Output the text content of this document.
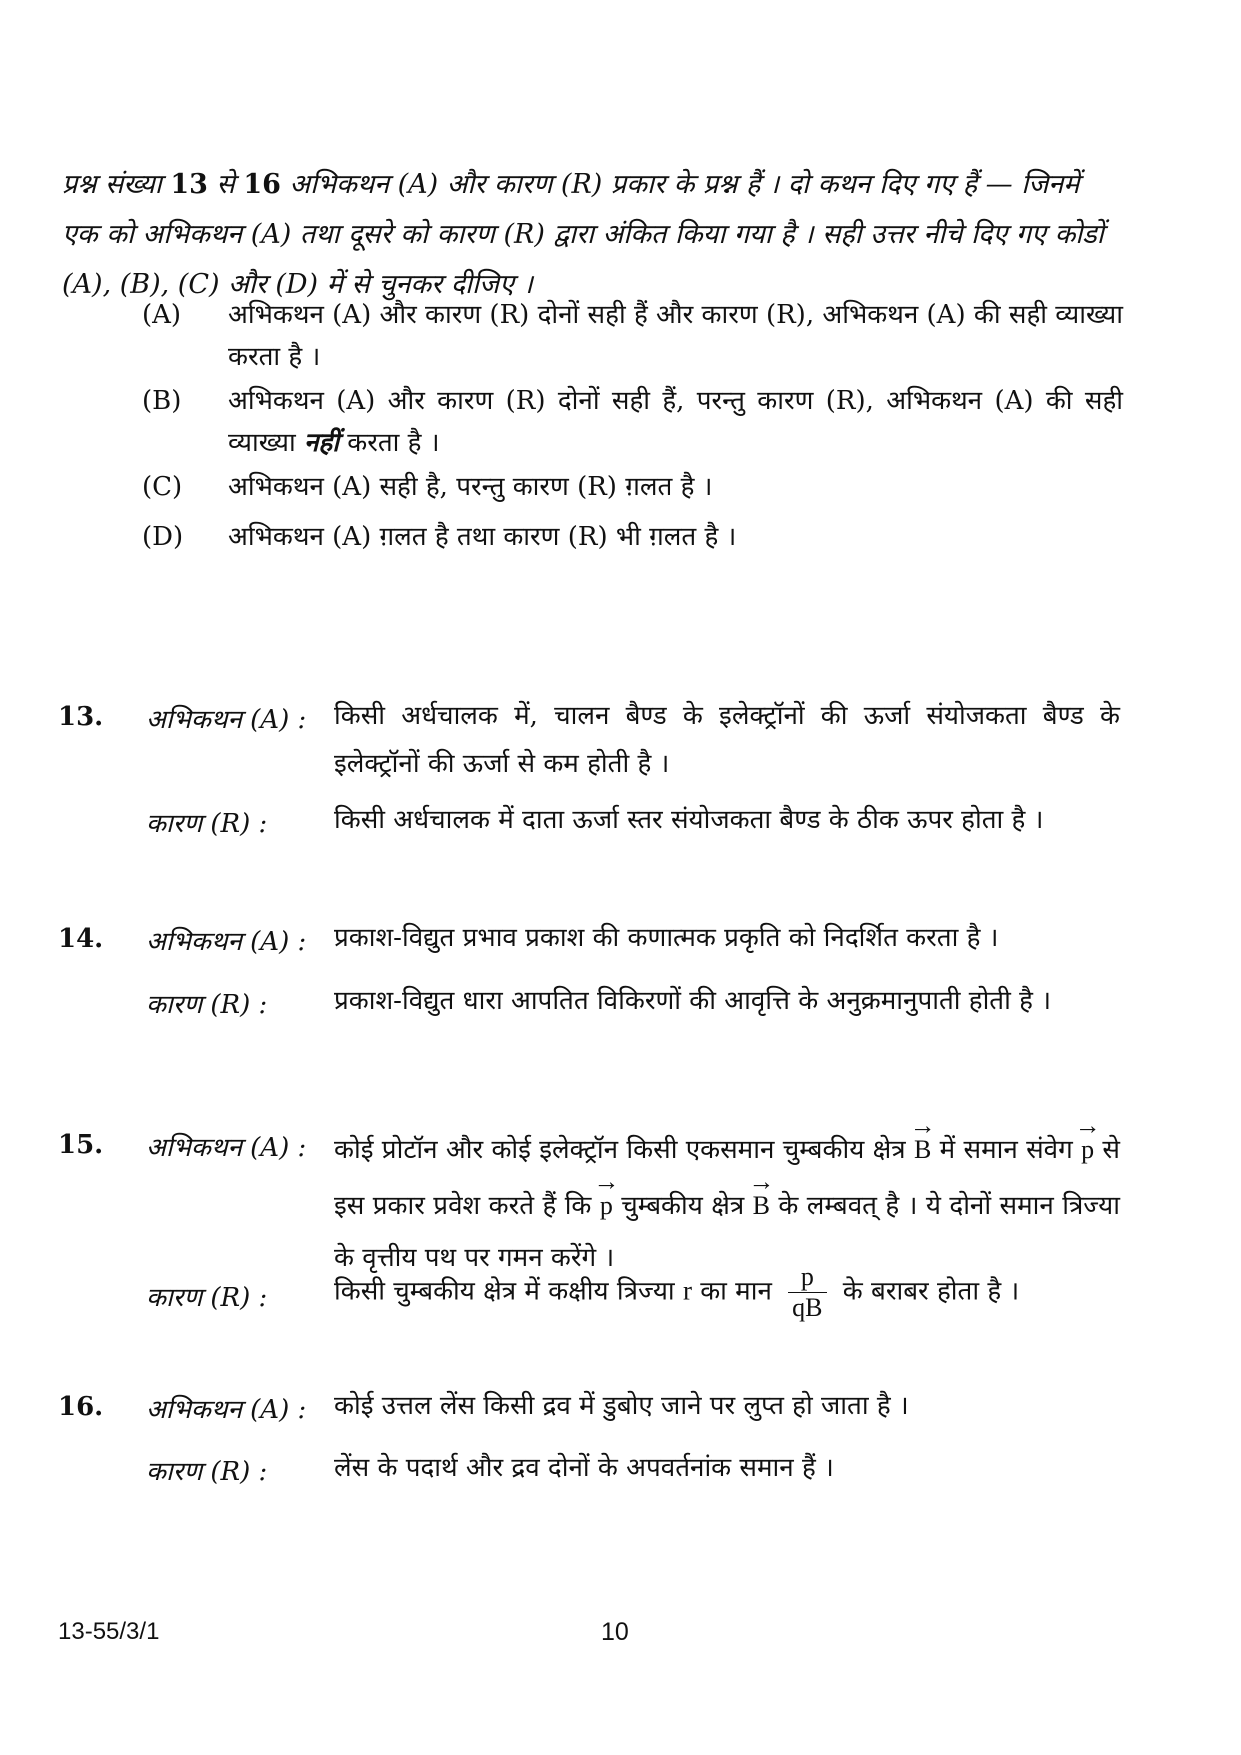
प्रश्न संख्या 13 से 16 अभिकथन (A) और कारण (R) प्रकार के प्रश्न हैं । दो कथन दिए गए हैं — जिनमें एक को अभिकथन (A) तथा दूसरे को कारण (R) द्वारा अंकित किया गया है । सही उत्तर नीचे दिए गए कोडों (A), (B), (C) और (D) में से चुनकर दीजिए ।
(A)	अभिकथन (A) और कारण (R) दोनों सही हैं और कारण (R), अभिकथन (A) की सही व्याख्या करता है ।
(B)	अभिकथन (A) और कारण (R) दोनों सही हैं, परन्तु कारण (R), अभिकथन (A) की सही व्याख्या नहीं करता है ।
(C)	अभिकथन (A) सही है, परन्तु कारण (R) ग़लत है ।
(D)	अभिकथन (A) ग़लत है तथा कारण (R) भी ग़लत है ।
13. अभिकथन (A) : किसी अर्धचालक में, चालन बैण्ड के इलेक्ट्रॉनों की ऊर्जा संयोजकता बैण्ड के इलेक्ट्रॉनों की ऊर्जा से कम होती है ।
कारण (R) :	किसी अर्धचालक में दाता ऊर्जा स्तर संयोजकता बैण्ड के ठीक ऊपर होता है ।
14. अभिकथन (A) : प्रकाश-विद्युत प्रभाव प्रकाश की कणात्मक प्रकृति को निदर्शित करता है ।
कारण (R) :	प्रकाश-विद्युत धारा आपतित विकिरणों की आवृत्ति के अनुक्रमानुपाती होती है ।
15. अभिकथन (A) : कोई प्रोटॉन और कोई इलेक्ट्रॉन किसी एकसमान चुम्बकीय क्षेत्र → B में समान संवेग → p से इस प्रकार प्रवेश करते हैं कि → p चुम्बकीय क्षेत्र → B के लम्बवत् है । ये दोनों समान त्रिज्या के वृत्तीय पथ पर गमन करेंगे ।
कारण (R) :	किसी चुम्बकीय क्षेत्र में कक्षीय त्रिज्या r का मान $\frac{p}{qB}$ के बराबर होता है ।
16. अभिकथन (A) : कोई उत्तल लेंस किसी द्रव में डुबोए जाने पर लुप्त हो जाता है ।
कारण (R) :	लेंस के पदार्थ और द्रव दोनों के अपवर्तनांक समान हैं ।
13-55/3/1	10
